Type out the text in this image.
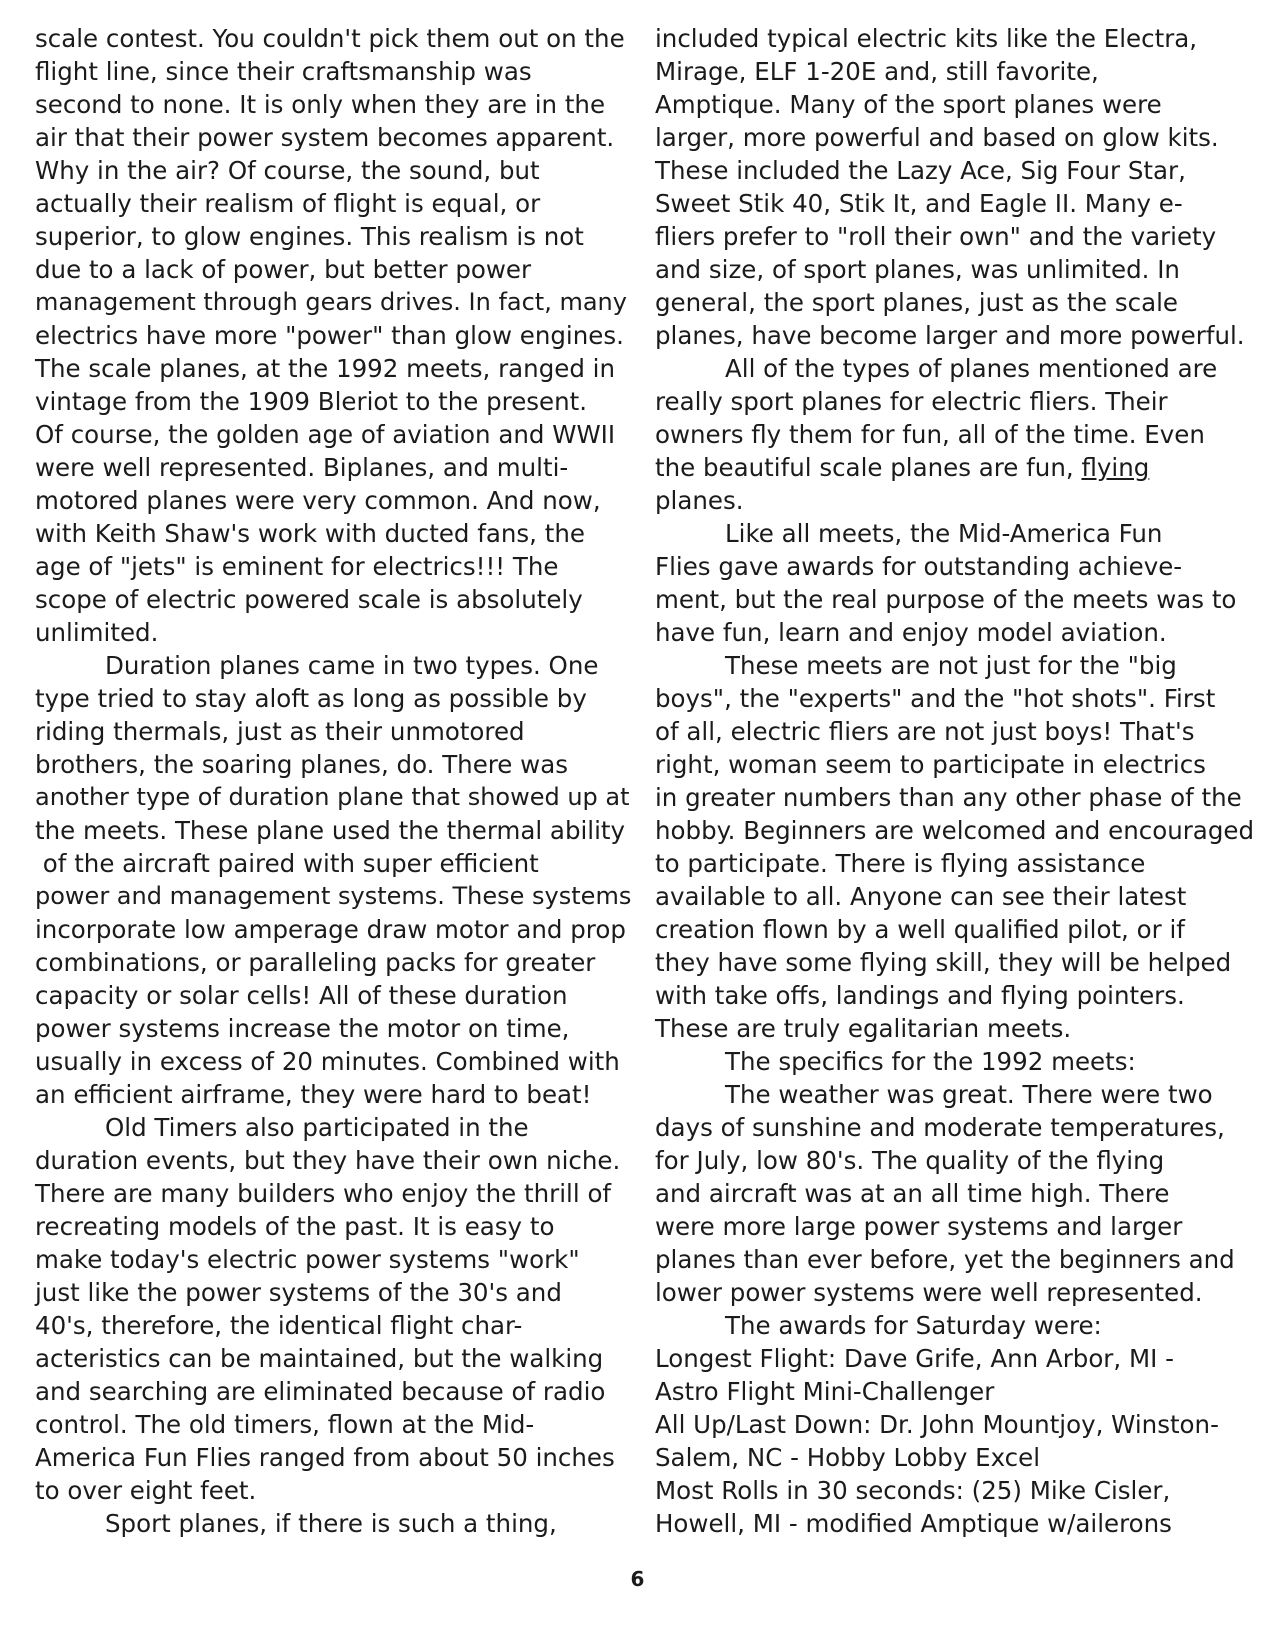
scale contest. You couldn't pick them out on the
flight line, since their craftsmanship was
second to none. It is only when they are in the
air that their power system becomes apparent.
Why in the air? Of course, the sound, but
actually their realism of flight is equal, or
superior, to glow engines. This realism is not
due to a lack of power, but better power
management through gears drives. In fact, many
electrics have more "power" than glow engines.
The scale planes, at the 1992 meets, ranged in
vintage from the 1909 Bleriot to the present.
Of course, the golden age of aviation and WWII
were well represented. Biplanes, and multi-
motored planes were very common. And now,
with Keith Shaw's work with ducted fans, the
age of "jets" is eminent for electrics!!! The
scope of electric powered scale is absolutely
unlimited.
Duration planes came in two types. One
type tried to stay aloft as long as possible by
riding thermals, just as their unmotored
brothers, the soaring planes, do. There was
another type of duration plane that showed up at
the meets. These plane used the thermal ability
of the aircraft paired with super efficient
power and management systems. These systems
incorporate low amperage draw motor and prop
combinations, or paralleling packs for greater
capacity or solar cells! All of these duration
power systems increase the motor on time,
usually in excess of 20 minutes. Combined with
an efficient airframe, they were hard to beat!
Old Timers also participated in the
duration events, but they have their own niche.
There are many builders who enjoy the thrill of
recreating models of the past. It is easy to
make today's electric power systems "work"
just like the power systems of the 30's and
40's, therefore, the identical flight char-
acteristics can be maintained, but the walking
and searching are eliminated because of radio
control. The old timers, flown at the Mid-
America Fun Flies ranged from about 50 inches
to over eight feet.
Sport planes, if there is such a thing,
included typical electric kits like the Electra,
Mirage, ELF 1-20E and, still favorite,
Amptique. Many of the sport planes were
larger, more powerful and based on glow kits.
These included the Lazy Ace, Sig Four Star,
Sweet Stik 40, Stik It, and Eagle II. Many e-
fliers prefer to "roll their own" and the variety
and size, of sport planes, was unlimited. In
general, the sport planes, just as the scale
planes, have become larger and more powerful.
All of the types of planes mentioned are
really sport planes for electric fliers. Their
owners fly them for fun, all of the time. Even
the beautiful scale planes are fun, flying
planes.
Like all meets, the Mid-America Fun
Flies gave awards for outstanding achieve-
ment, but the real purpose of the meets was to
have fun, learn and enjoy model aviation.
These meets are not just for the "big
boys", the "experts" and the "hot shots". First
of all, electric fliers are not just boys! That's
right, woman seem to participate in electrics
in greater numbers than any other phase of the
hobby. Beginners are welcomed and encouraged
to participate. There is flying assistance
available to all. Anyone can see their latest
creation flown by a well qualified pilot, or if
they have some flying skill, they will be helped
with take offs, landings and flying pointers.
These are truly egalitarian meets.
The specifics for the 1992 meets:
The weather was great. There were two
days of sunshine and moderate temperatures,
for July, low 80's. The quality of the flying
and aircraft was at an all time high. There
were more large power systems and larger
planes than ever before, yet the beginners and
lower power systems were well represented.
The awards for Saturday were:
Longest Flight: Dave Grife, Ann Arbor, MI -
Astro Flight Mini-Challenger
All Up/Last Down: Dr. John Mountjoy, Winston-
Salem, NC - Hobby Lobby Excel
Most Rolls in 30 seconds: (25) Mike Cisler,
Howell, MI - modified Amptique w/ailerons
6
